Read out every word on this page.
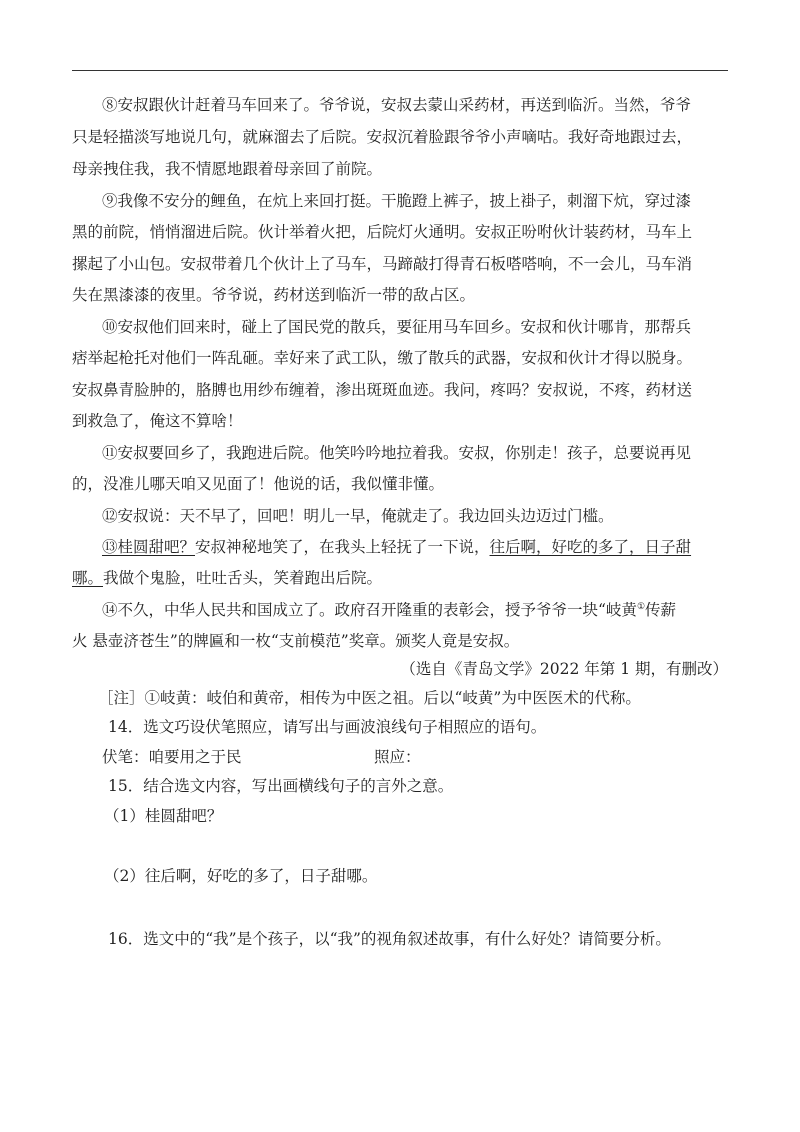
⑧安叔跟伙计赶着马车回来了。爷爷说，安叔去蒙山采药材，再送到临沂。当然，爷爷
只是轻描淡写地说几句，就麻溜去了后院。安叔沉着脸跟爷爷小声嘀咕。我好奇地跟过去，
母亲拽住我，我不情愿地跟着母亲回了前院。
⑨我像不安分的鲤鱼，在炕上来回打挺。干脆蹬上裤子，披上褂子，刺溜下炕，穿过漆
黑的前院，悄悄溜进后院。伙计举着火把，后院灯火通明。安叔正吩咐伙计装药材，马车上
摞起了小山包。安叔带着几个伙计上了马车，马蹄敲打得青石板嗒嗒响，不一会儿，马车消
失在黑漆漆的夜里。爷爷说，药材送到临沂一带的敌占区。
⑩安叔他们回来时，碰上了国民党的散兵，要征用马车回乡。安叔和伙计哪肯，那帮兵
痞举起枪托对他们一阵乱砸。幸好来了武工队，缴了散兵的武器，安叔和伙计才得以脱身。
安叔鼻青脸肿的，胳膊也用纱布缠着，渗出斑斑血迹。我问，疼吗？安叔说，不疼，药材送
到救急了，俺这不算啥！
⑪安叔要回乡了，我跑进后院。他笑吟吟地拉着我。安叔，你别走！孩子，总要说再见
的，没准儿哪天咱又见面了！他说的话，我似懂非懂。
⑫安叔说：天不早了，回吧！明儿一早，俺就走了。我边回头边迈过门槛。
⑬桂圆甜吧？安叔神秘地笑了，在我头上轻抚了一下说，往后啊，好吃的多了，日子甜
哪。我做个鬼脸，吐吐舌头，笑着跑出后院。
⑭不久，中华人民共和国成立了。政府召开隆重的表彰会，授予爷爷一块“岐黄①传薪
火 悬壶济苍生”的牌匾和一枚“支前模范”奖章。颁奖人竟是安叔。
（选自《青岛文学》2022 年第 1 期，有删改）
［注］①岐黄：岐伯和黄帝，相传为中医之祖。后以“岐黄”为中医医术的代称。
14．选文巧设伏笔照应，请写出与画波浪线句子相照应的语句。
伏笔：咱要用之于民	照应：
15．结合选文内容，写出画横线句子的言外之意。
（1）桂圆甜吧？
（2）往后啊，好吃的多了，日子甜哪。
16．选文中的“我”是个孩子，以“我”的视角叙述故事，有什么好处？请简要分析。
